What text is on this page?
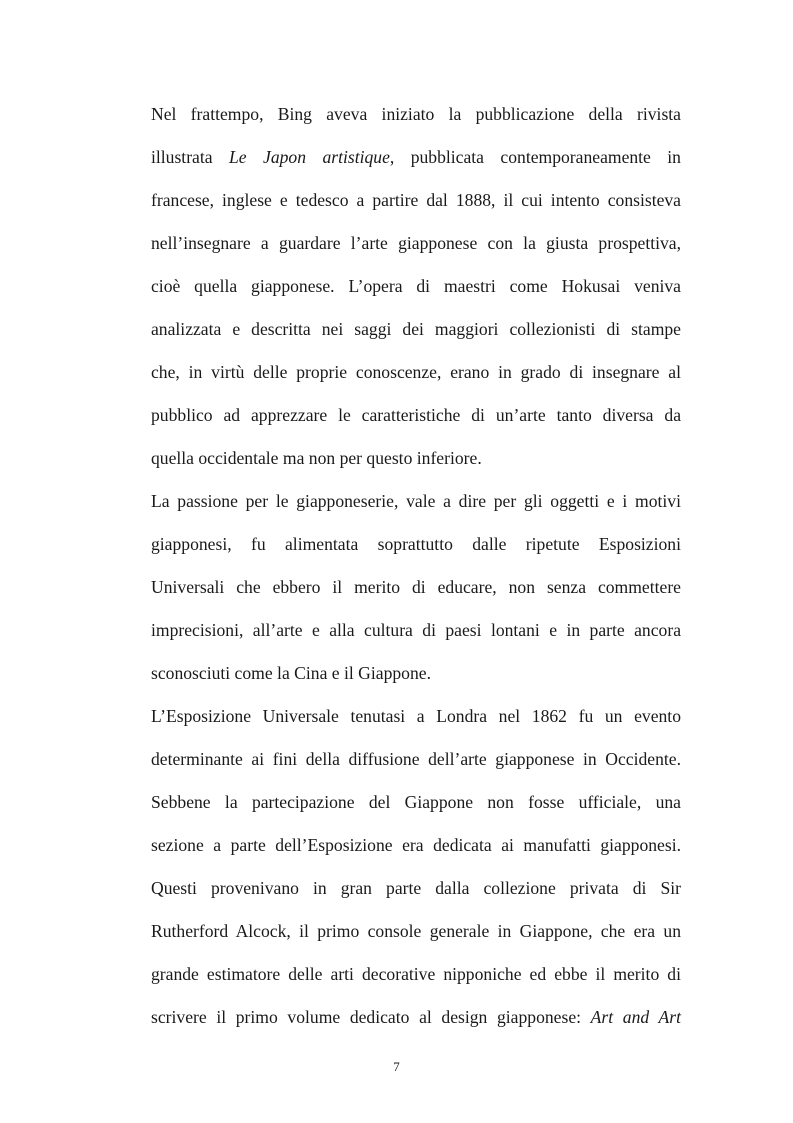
Nel frattempo, Bing aveva iniziato la pubblicazione della rivista
illustrata Le Japon artistique, pubblicata contemporaneamente in
francese, inglese e tedesco a partire dal 1888, il cui intento consisteva
nell’insegnare a guardare l’arte giapponese con la giusta prospettiva,
cioè quella giapponese. L’opera di maestri come Hokusai veniva
analizzata e descritta nei saggi dei maggiori collezionisti di stampe
che, in virtù delle proprie conoscenze, erano in grado di insegnare al
pubblico ad apprezzare le caratteristiche di un’arte tanto diversa da
quella occidentale ma non per questo inferiore.
La passione per le giapponeserie, vale a dire per gli oggetti e i motivi
giapponesi, fu alimentata soprattutto dalle ripetute Esposizioni
Universali che ebbero il merito di educare, non senza commettere
imprecisioni, all’arte e alla cultura di paesi lontani e in parte ancora
sconosciuti come la Cina e il Giappone.
L’Esposizione Universale tenutasi a Londra nel 1862 fu un evento
determinante ai fini della diffusione dell’arte giapponese in Occidente.
Sebbene la partecipazione del Giappone non fosse ufficiale, una
sezione a parte dell’Esposizione era dedicata ai manufatti giapponesi.
Questi provenivano in gran parte dalla collezione privata di Sir
Rutherford Alcock, il primo console generale in Giappone, che era un
grande estimatore delle arti decorative nipponiche ed ebbe il merito di
scrivere il primo volume dedicato al design giapponese: Art and Art
7
